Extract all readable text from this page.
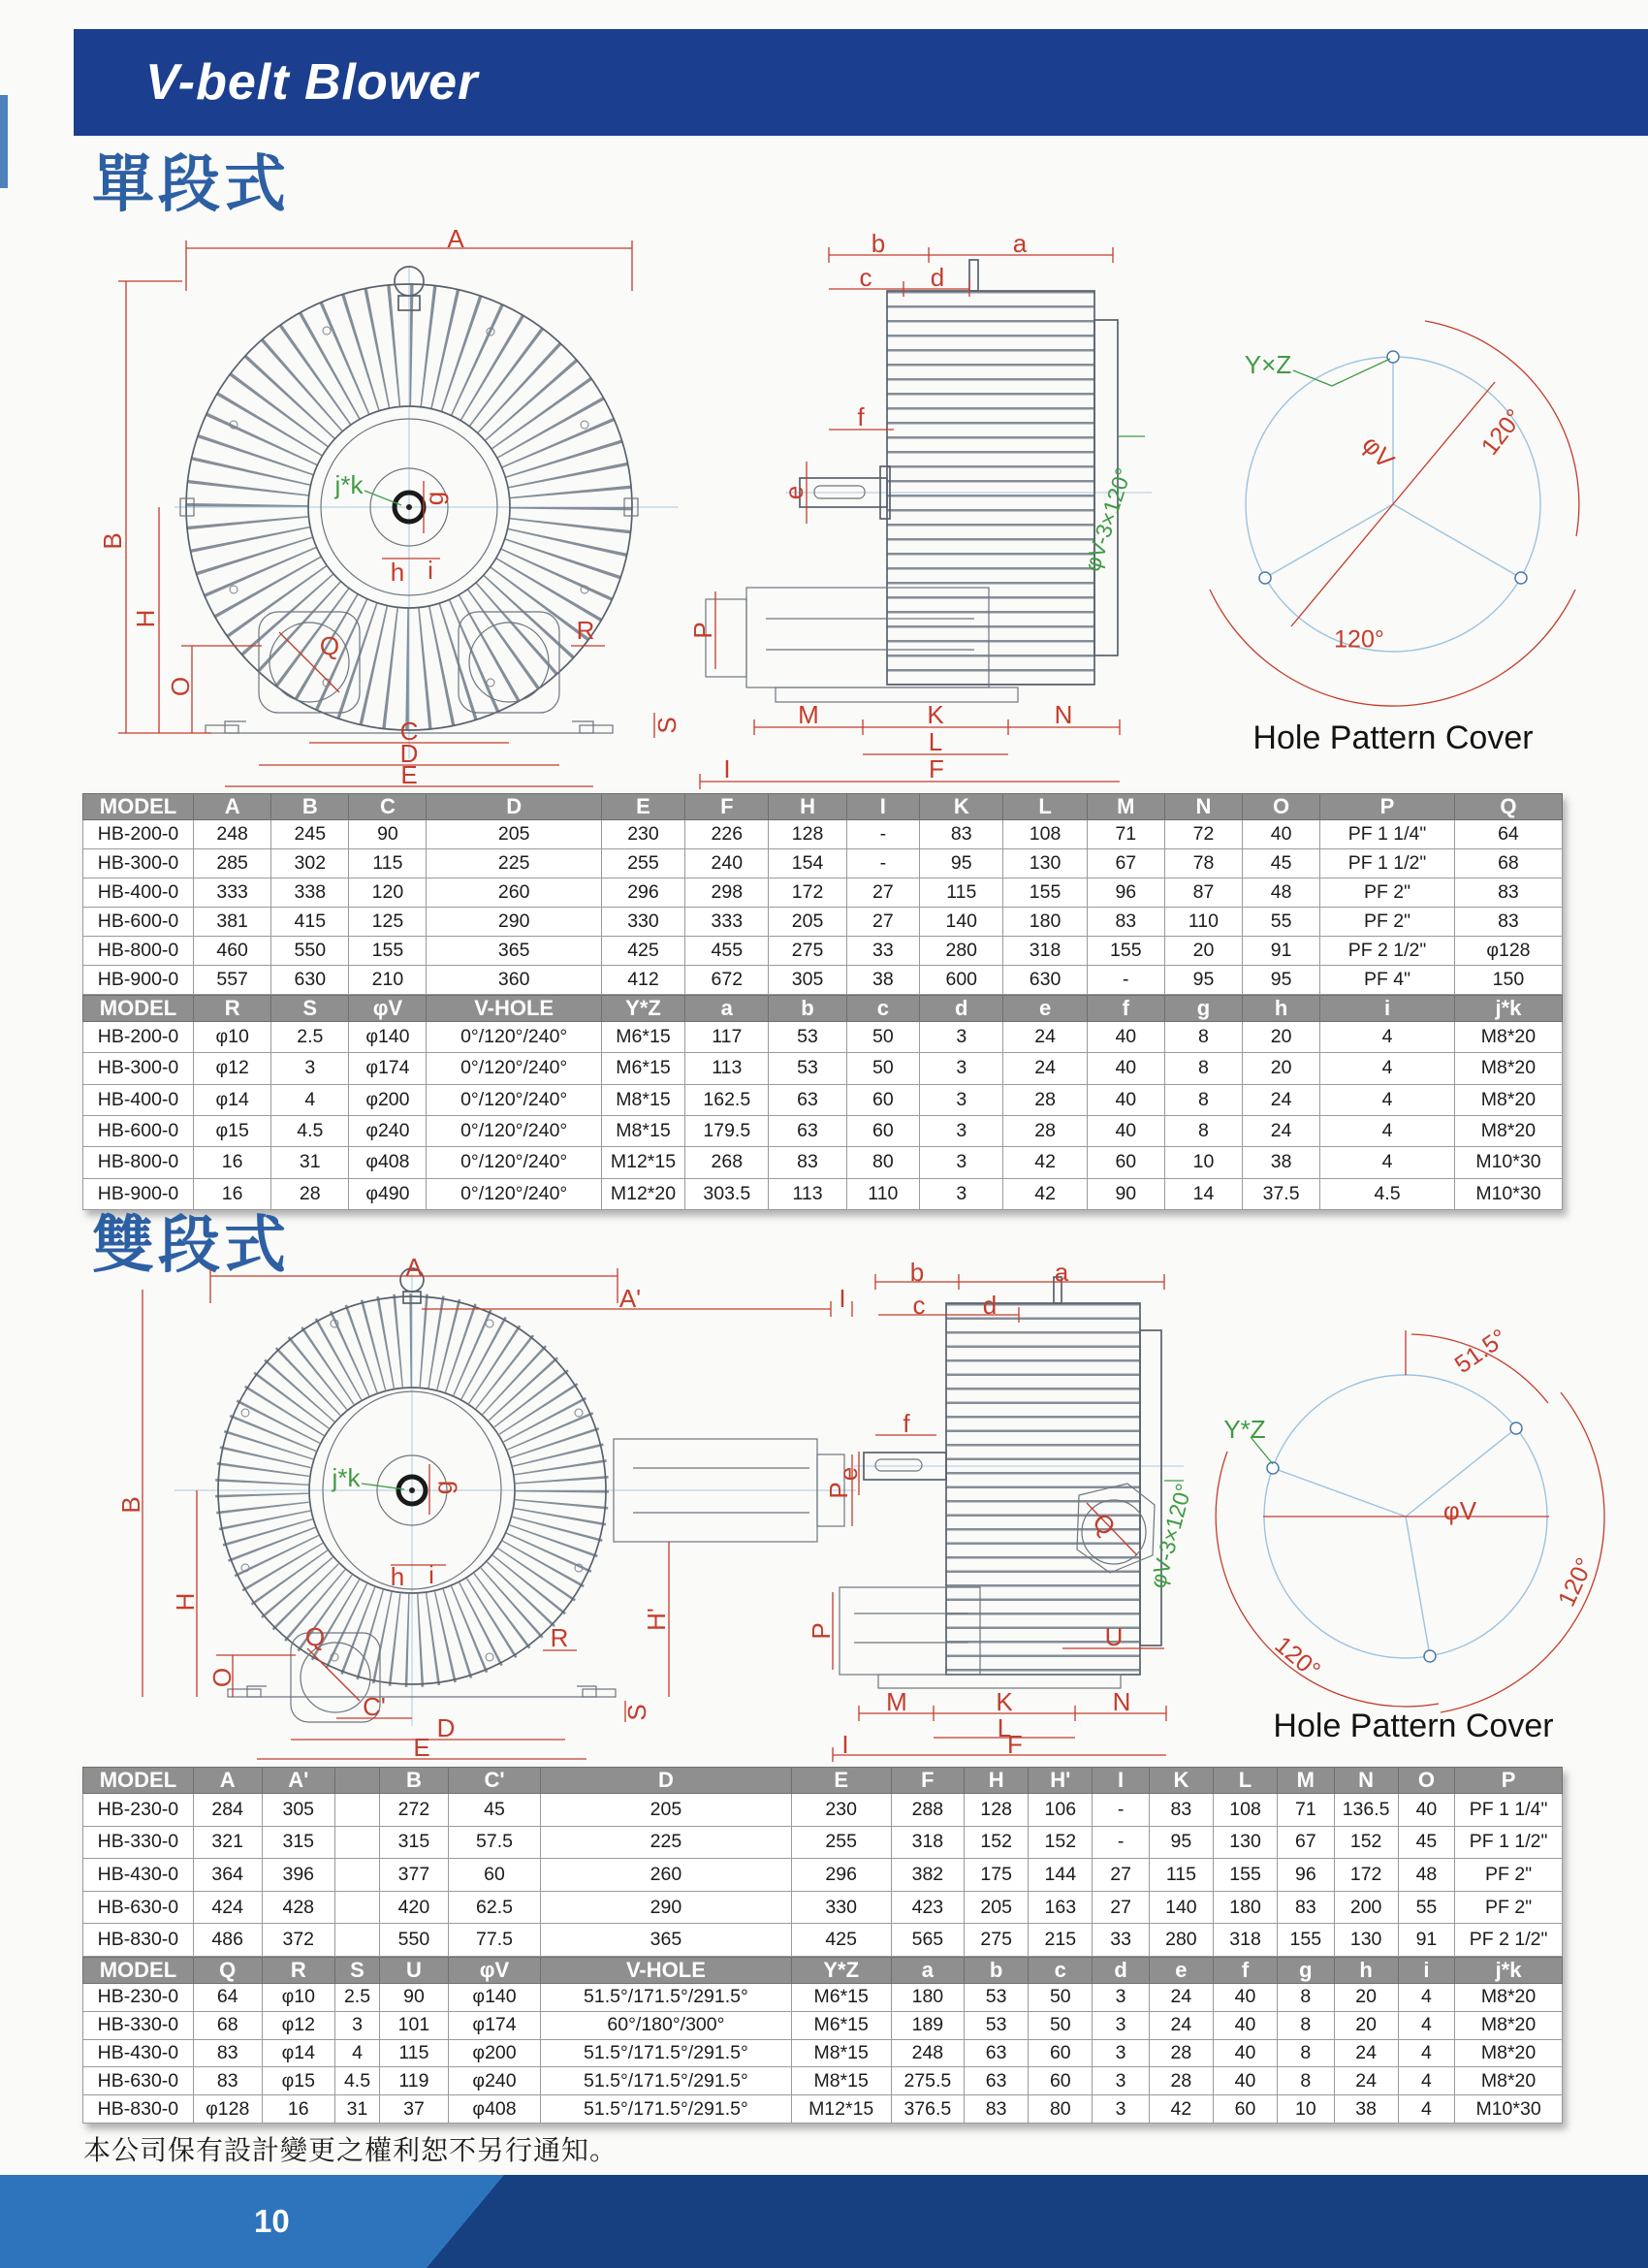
V-belt Blower
單段式
A
B
H
O
j*k g
h i
Q
R
S
C
D
E
b	a
c d
f
e
P
M	K	N
L
F
I
φV-3×120°
Y×Z
φV	120°
120°
Hole Pattern Cover
MODEL	A	B	C	D	E	F	H	I	K	L	M	N	O	P	Q
HB-200-0	248	245	90	205	230	226	128	-	83	108	71	72	40	PF 1 1/4"	64
HB-300-0	285	302	115	225	255	240	154	-	95	130	67	78	45	PF 1 1/2"	68
HB-400-0	333	338	120	260	296	298	172	27	115	155	96	87	48	PF 2"	83
HB-600-0	381	415	125	290	330	333	205	27	140	180	83	110	55	PF 2"	83
HB-800-0	460	550	155	365	425	455	275	33	280	318	155	20	91	PF 2 1/2"	φ128
HB-900-0	557	630	210	360	412	672	305	38	600	630	-	95	95	PF 4"	150
MODEL	R	S	φV	V-HOLE	Y*Z	a	b	c	d	e	f	g	h	i	j*k
HB-200-0	φ10	2.5	φ140	0°/120°/240°	M6*15	117	53	50	3	24	40	8	20	4	M8*20
HB-300-0	φ12	3	φ174	0°/120°/240°	M6*15	113	53	50	3	24	40	8	20	4	M8*20
HB-400-0	φ14	4	φ200	0°/120°/240°	M8*15	162.5	63	60	3	28	40	8	24	4	M8*20
HB-600-0	φ15	4.5	φ240	0°/120°/240°	M8*15	179.5	63	60	3	28	40	8	24	4	M8*20
HB-800-0	16	31	φ408	0°/120°/240°	M12*15	268	83	80	3	42	60	10	38	4	M10*30
HB-900-0	16	28	φ490	0°/120°/240°	M12*20	303.5	113	110	3	42	90	14	37.5	4.5	M10*30
雙段式	A
A'	I
B
H
O
j*k	g
h i
Q	R
C'
D
E
S
H'
P
b	a
c d
f
e
P
Q
U
M	K	N
L
F
I
φV-3×120°
51.5°
Y*Z
φV
120°
120°
Hole Pattern Cover
MODEL	A	A'		B	C'	D	E	F	H	H'	I	K	L	M	N	O	P
HB-230-0	284	305		272	45	205	230	288	128	106	-	83	108	71	136.5	40	PF 1 1/4"
HB-330-0	321	315		315	57.5	225	255	318	152	152	-	95	130	67	152	45	PF 1 1/2"
HB-430-0	364	396		377	60	260	296	382	175	144	27	115	155	96	172	48	PF 2"
HB-630-0	424	428		420	62.5	290	330	423	205	163	27	140	180	83	200	55	PF 2"
HB-830-0	486	372		550	77.5	365	425	565	275	215	33	280	318	155	130	91	PF 2 1/2"
MODEL	Q	R	S	U	φV	V-HOLE	Y*Z	a	b	c	d	e	f	g	h	i	j*k
HB-230-0	64	φ10	2.5	90	φ140	51.5°/171.5°/291.5°	M6*15	180	53	50	3	24	40	8	20	4	M8*20
HB-330-0	68	φ12	3	101	φ174	60°/180°/300°	M6*15	189	53	50	3	24	40	8	20	4	M8*20
HB-430-0	83	φ14	4	115	φ200	51.5°/171.5°/291.5°	M8*15	248	63	60	3	28	40	8	24	4	M8*20
HB-630-0	83	φ15	4.5	119	φ240	51.5°/171.5°/291.5°	M8*15	275.5	63	60	3	28	40	8	24	4	M8*20
HB-830-0	φ128	16	31	37	φ408	51.5°/171.5°/291.5°	M12*15	376.5	83	80	3	42	60	10	38	4	M10*30
本公司保有設計變更之權利恕不另行通知。
10
